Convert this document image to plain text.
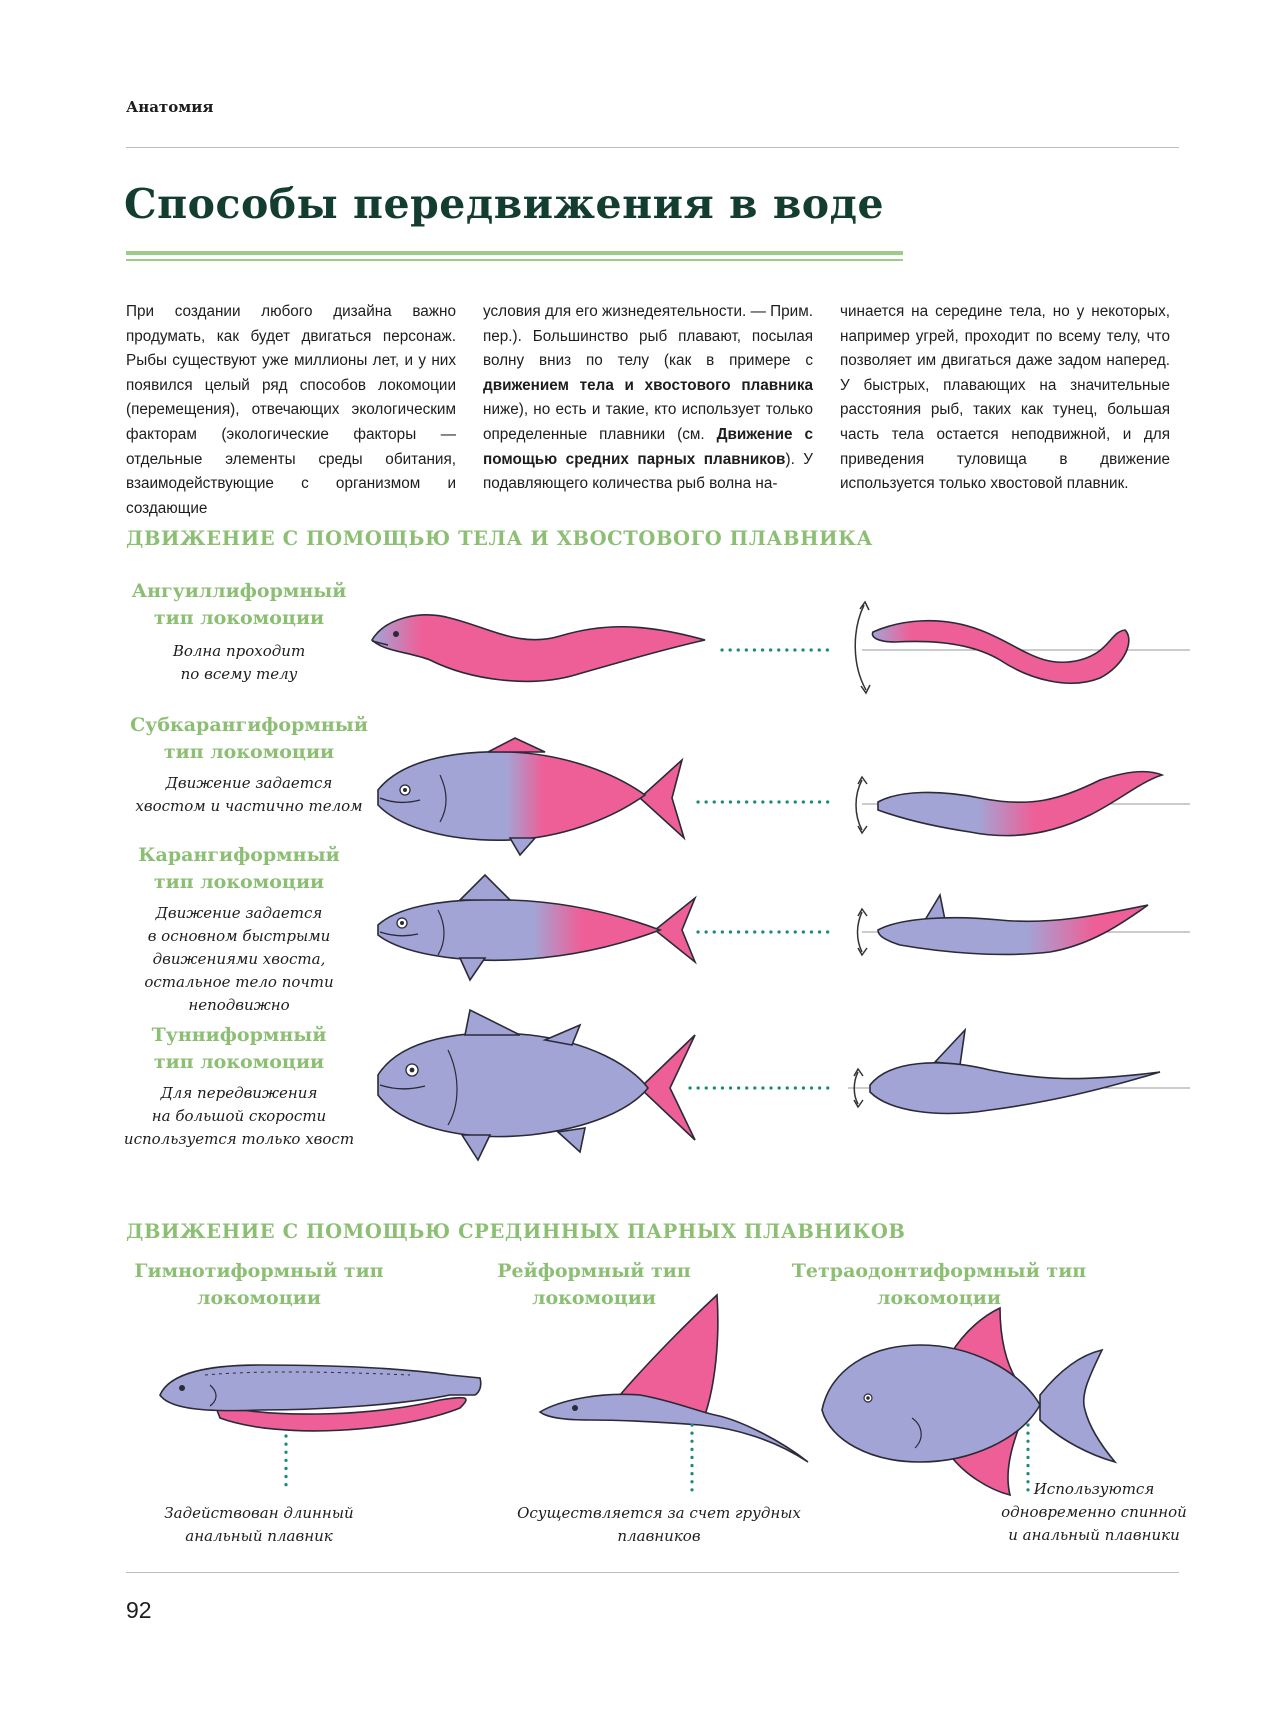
Анатомия
Способы передвижения в воде
При создании любого дизайна важно продумать, как будет двигаться персонаж. Рыбы существуют уже миллионы лет, и у них появился целый ряд способов локомоции (перемещения), отвечающих экологическим факторам (экологические факторы — отдельные элементы среды обитания, взаимодействующие с организмом и создающие
условия для его жизнедеятельности. — Прим. пер.). Большинство рыб плавают, посылая волну вниз по телу (как в примере с движением тела и хвостового плавника ниже), но есть и такие, кто использует только определенные плавники (см. Движение с помощью средних парных плавников). У подавляющего количества рыб волна на-
чинается на середине тела, но у некоторых, например угрей, проходит по всему телу, что позволяет им двигаться даже задом наперед. У быстрых, плавающих на значительные расстояния рыб, таких как тунец, большая часть тела остается неподвижной, и для приведения туловища в движение используется только хвостовой плавник.
ДВИЖЕНИЕ С ПОМОЩЬЮ ТЕЛА И ХВОСТОВОГО ПЛАВНИКА
Ангуиллиформный
тип локомоции
Волна проходит
по всему телу
Субкарангиформный
тип локомоции
Движение задается
хвостом и частично телом
Карангиформный
тип локомоции
Движение задается
в основном быстрыми
движениями хвоста,
остальное тело почти
неподвижно
Тунниформный
тип локомоции
Для передвижения
на большой скорости
используется только хвост
ДВИЖЕНИЕ С ПОМОЩЬЮ СРЕДИННЫХ ПАРНЫХ ПЛАВНИКОВ
Гимнотиформный тип
локомоции
Рейформный тип
локомоции
Тетраодонтиформный тип
локомоции
Задействован длинный
анальный плавник
Осуществляется за счет грудных
плавников
Используются
одновременно спинной
и анальный плавники
92
